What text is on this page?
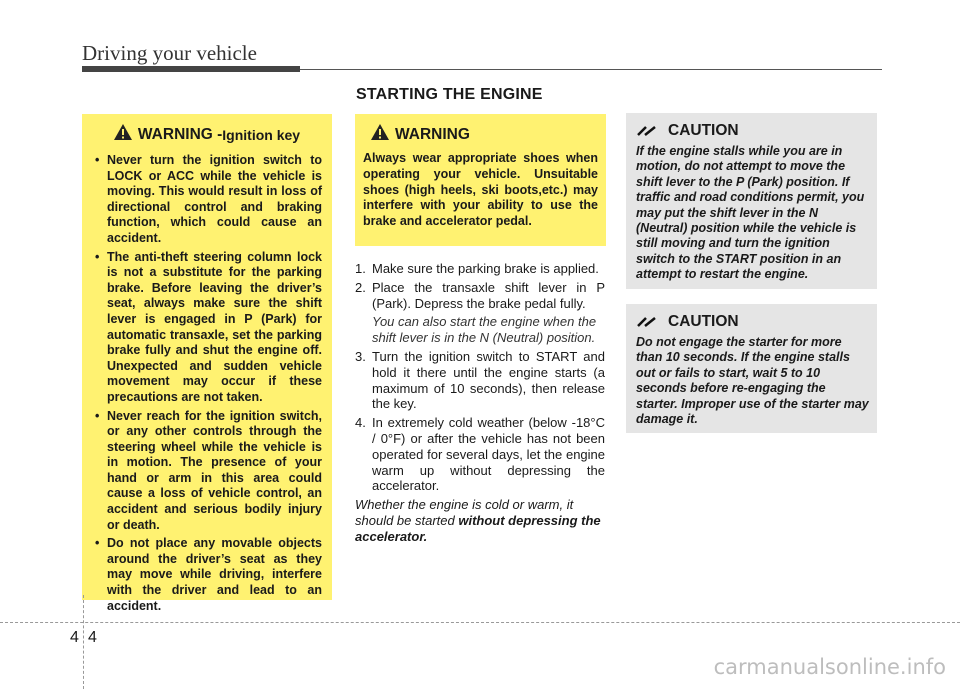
Driving your vehicle
STARTING THE ENGINE
WARNING - Ignition key
• Never turn the ignition switch to LOCK or ACC while the vehicle is moving. This would result in loss of directional control and braking function, which could cause an accident.
• The anti-theft steering column lock is not a substitute for the parking brake. Before leaving the driver’s seat, always make sure the shift lever is engaged in P (Park) for automatic transaxle, set the parking brake fully and shut the engine off. Unexpected and sudden vehicle movement may occur if these precautions are not taken.
• Never reach for the ignition switch, or any other controls through the steering wheel while the vehicle is in motion. The presence of your hand or arm in this area could cause a loss of vehicle control, an accident and serious bodily injury or death.
• Do not place any movable objects around the driver’s seat as they may move while driving, interfere with the driver and lead to an accident.
WARNING
Always wear appropriate shoes when operating your vehicle. Unsuitable shoes (high heels, ski boots,etc.) may interfere with your ability to use the brake and accelerator pedal.
1. Make sure the parking brake is applied.
2. Place the transaxle shift lever in P (Park). Depress the brake pedal fully.
You can also start the engine when the shift lever is in the N (Neutral) position.
3. Turn the ignition switch to START and hold it there until the engine starts (a maximum of 10 seconds), then release the key.
4. In extremely cold weather (below -18°C / 0°F) or after the vehicle has not been operated for several days, let the engine warm up without depressing the accelerator.
Whether the engine is cold or warm, it should be started without depressing the accelerator.
CAUTION
If the engine stalls while you are in motion, do not attempt to move the shift lever to the P (Park) position. If traffic and road conditions permit, you may put the shift lever in the N (Neutral) position while the vehicle is still moving and turn the ignition switch to the START position in an attempt to restart the engine.
CAUTION
Do not engage the starter for more than 10 seconds. If the engine stalls out or fails to start, wait 5 to 10 seconds before re-engaging the starter. Improper use of the starter may damage it.
4 4
carmanualsonline.info
